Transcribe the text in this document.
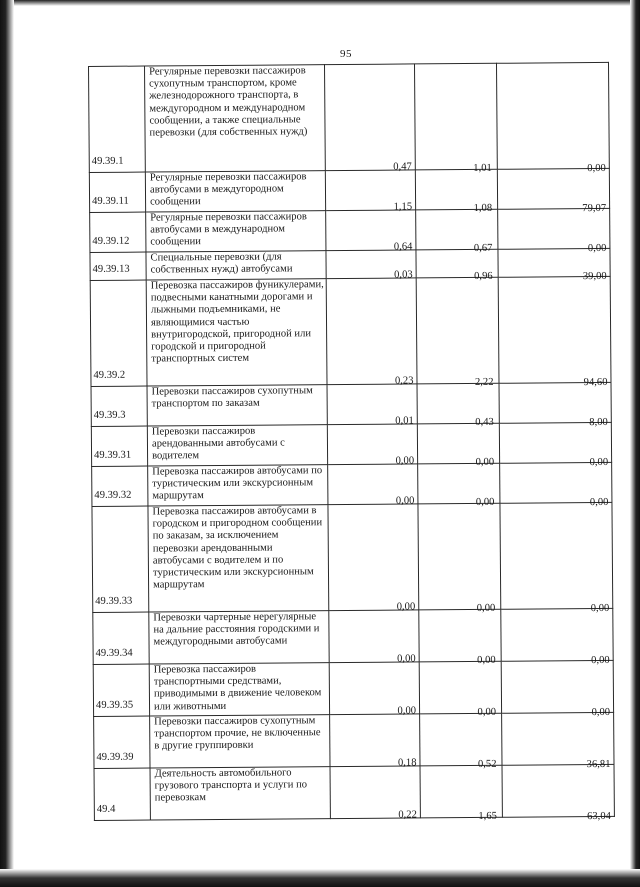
95
49.39.1	Регулярные перевозки пассажиров сухопутным транспортом, кроме железнодорожного транспорта, в междугородном и международном сообщении, а также специальные перевозки (для собственных нужд)	0,47	1,01	0,00
49.39.11	Регулярные перевозки пассажиров автобусами в междугородном сообщении	1,15	1,08	79,07
49.39.12	Регулярные перевозки пассажиров автобусами в международном сообщении	0,64	0,67	0,00
49.39.13	Специальные перевозки (для собственных нужд) автобусами	0,03	0,96	39,00
49.39.2	Перевозка пассажиров фуникулерами, подвесными канатными дорогами и лыжными подъемниками, не являющимися частью внутригородской, пригородной или городской и пригородной транспортных систем	0,23	2,22	94,60
49.39.3	Перевозки пассажиров сухопутным транспортом по заказам	0,01	0,43	8,00
49.39.31	Перевозки пассажиров арендованными автобусами с водителем	0,00	0,00	0,00
49.39.32	Перевозка пассажиров автобусами по туристическим или экскурсионным маршрутам	0,00	0,00	0,00
49.39.33	Перевозка пассажиров автобусами в городском и пригородном сообщении по заказам, за исключением перевозки арендованными автобусами с водителем и по туристическим или экскурсионным маршрутам	0,00	0,00	0,00
49.39.34	Перевозки чартерные нерегулярные на дальние расстояния городскими и междугородными автобусами	0,00	0,00	0,00
49.39.35	Перевозка пассажиров транспортными средствами, приводимыми в движение человеком или животными	0,00	0,00	0,00
49.39.39	Перевозки пассажиров сухопутным транспортом прочие, не включенные в другие группировки	0,18	0,52	36,81
49.4	Деятельность автомобильного грузового транспорта и услуги по перевозкам	0,22	1,65	63,04
